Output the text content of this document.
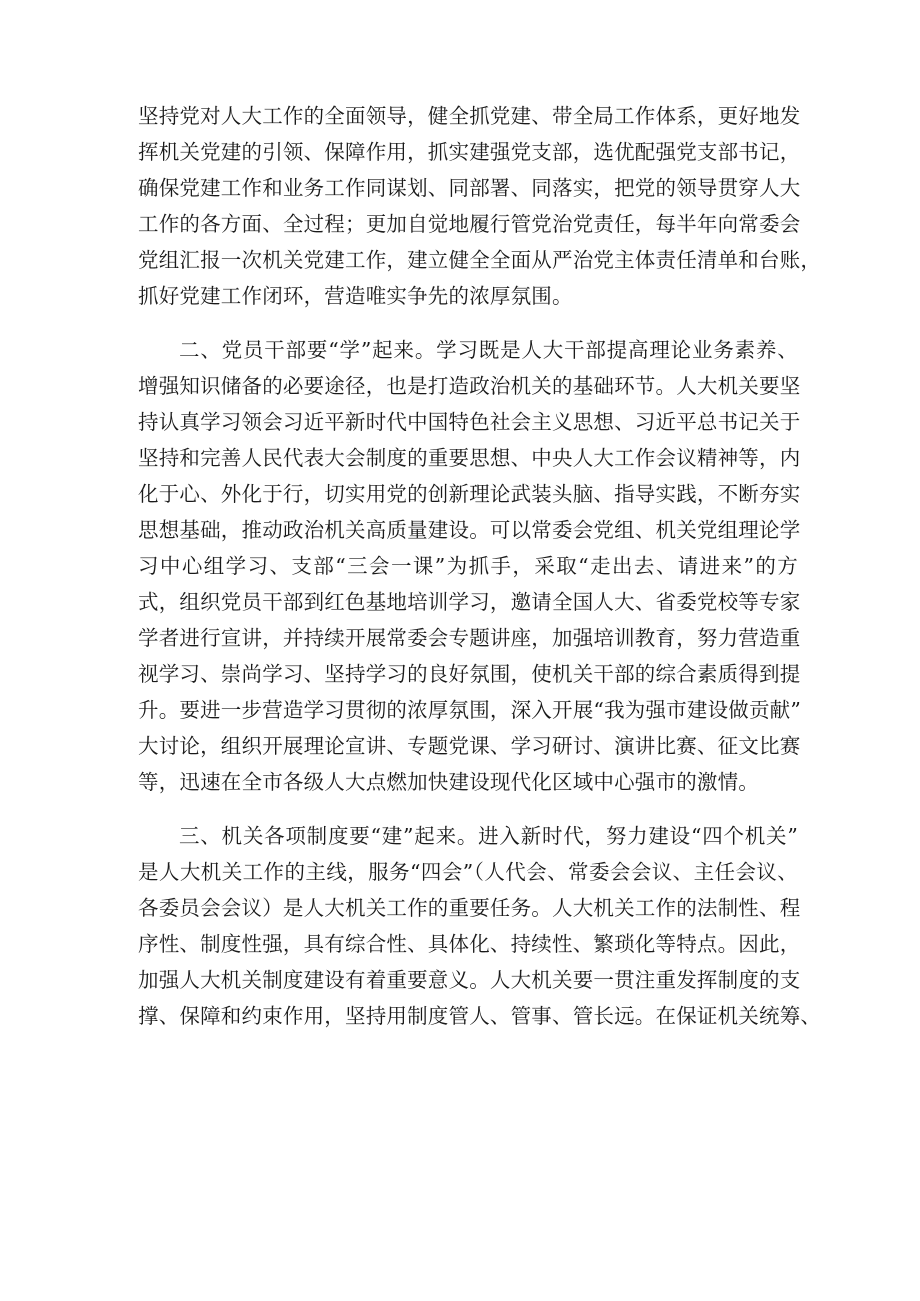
坚持党对人大工作的全面领导，健全抓党建、带全局工作体系，更好地发
挥机关党建的引领、保障作用，抓实建强党支部，选优配强党支部书记，
确保党建工作和业务工作同谋划、同部署、同落实，把党的领导贯穿人大
工作的各方面、全过程；更加自觉地履行管党治党责任，每半年向常委会
党组汇报一次机关党建工作，建立健全全面从严治党主体责任清单和台账，
抓好党建工作闭环，营造唯实争先的浓厚氛围。
二、党员干部要“学”起来。学习既是人大干部提高理论业务素养、
增强知识储备的必要途径，也是打造政治机关的基础环节。人大机关要坚
持认真学习领会习近平新时代中国特色社会主义思想、习近平总书记关于
坚持和完善人民代表大会制度的重要思想、中央人大工作会议精神等，内
化于心、外化于行，切实用党的创新理论武装头脑、指导实践，不断夯实
思想基础，推动政治机关高质量建设。可以常委会党组、机关党组理论学
习中心组学习、支部“三会一课”为抓手，采取“走出去、请进来”的方
式，组织党员干部到红色基地培训学习，邀请全国人大、省委党校等专家
学者进行宣讲，并持续开展常委会专题讲座，加强培训教育，努力营造重
视学习、崇尚学习、坚持学习的良好氛围，使机关干部的综合素质得到提
升。要进一步营造学习贯彻的浓厚氛围，深入开展“我为强市建设做贡献”
大讨论，组织开展理论宣讲、专题党课、学习研讨、演讲比赛、征文比赛
等，迅速在全市各级人大点燃加快建设现代化区域中心强市的激情。
三、机关各项制度要“建”起来。进入新时代，努力建设“四个机关”
是人大机关工作的主线，服务“四会”（人代会、常委会会议、主任会议、
各委员会会议）是人大机关工作的重要任务。人大机关工作的法制性、程
序性、制度性强，具有综合性、具体化、持续性、繁琐化等特点。因此，
加强人大机关制度建设有着重要意义。人大机关要一贯注重发挥制度的支
撑、保障和约束作用，坚持用制度管人、管事、管长远。在保证机关统筹、
